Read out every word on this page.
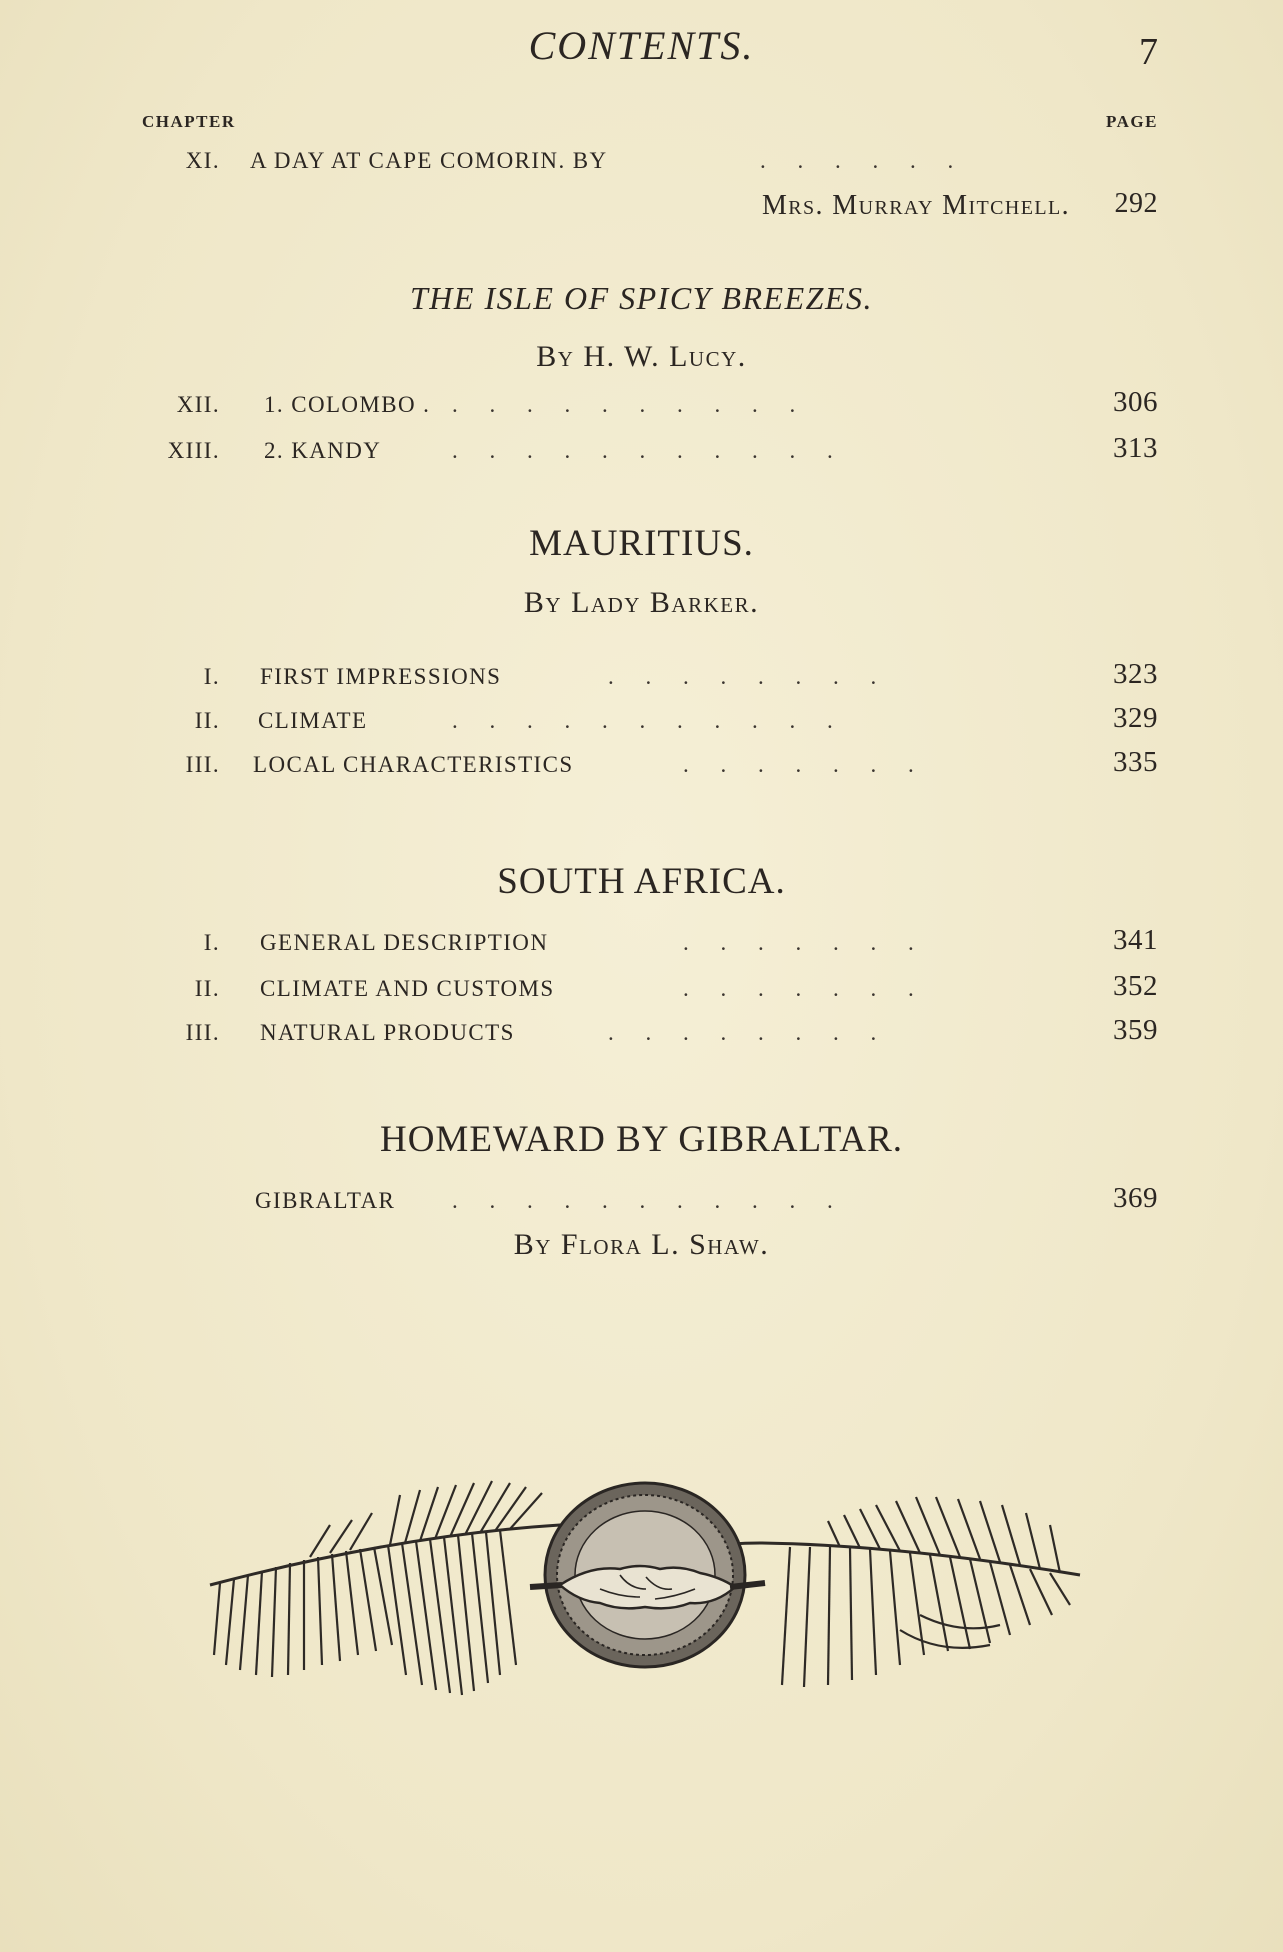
CONTENTS.	7
CHAPTER	PAGE
XI. A DAY AT CAPE COMORIN. BY	. . . . . .
Mrs. Murray Mitchell. 292
THE ISLE OF SPICY BREEZES.
By H. W. Lucy.
XII. 1. COLOMBO . . . . . . . . . . .	306
XIII. 2. KANDY	. . . . . . . . . . .	313
MAURITIUS.
By Lady Barker.
I. FIRST IMPRESSIONS	. . . . . . . .	323
II. CLIMATE	. . . . . . . . . . .	329
III. LOCAL CHARACTERISTICS	. . . . . . .	335
SOUTH AFRICA.
I. GENERAL DESCRIPTION	. . . . . . .	341
II. CLIMATE AND CUSTOMS	. . . . . . .	352
III. NATURAL PRODUCTS	. . . . . . . .	359
HOMEWARD BY GIBRALTAR.
GIBRALTAR . . . . . . . . . . .	369
By Flora L. Shaw.
